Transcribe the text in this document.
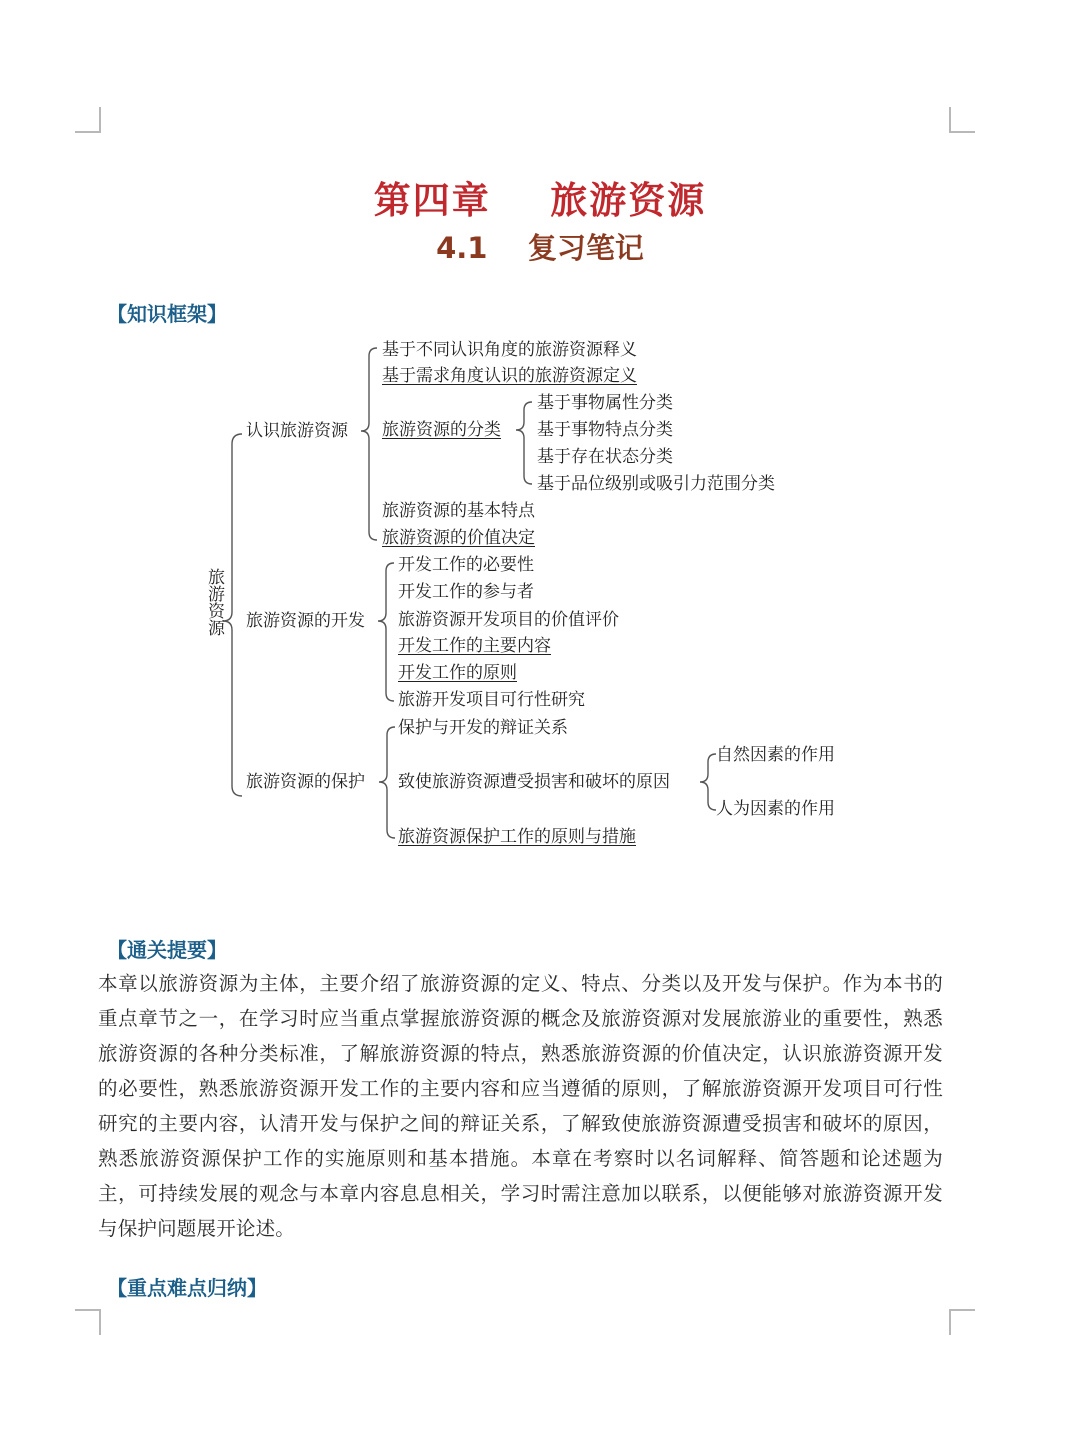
第四章    旅游资源
4.1    复习笔记
【知识框架】
旅游资源
认识旅游资源
旅游资源的开发
旅游资源的保护
基于不同认识角度的旅游资源释义
基于需求角度认识的旅游资源定义
旅游资源的分类
旅游资源的基本特点
旅游资源的价值决定
基于事物属性分类
基于事物特点分类
基于存在状态分类
基于品位级别或吸引力范围分类
开发工作的必要性
开发工作的参与者
旅游资源开发项目的价值评价
开发工作的主要内容
开发工作的原则
旅游开发项目可行性研究
保护与开发的辩证关系
致使旅游资源遭受损害和破坏的原因
旅游资源保护工作的原则与措施
自然因素的作用
人为因素的作用
【通关提要】
本章以旅游资源为主体，主要介绍了旅游资源的定义、特点、分类以及开发与保护。作为本书的重点章节之一，在学习时应当重点掌握旅游资源的概念及旅游资源对发展旅游业的重要性，熟悉旅游资源的各种分类标准，了解旅游资源的特点，熟悉旅游资源的价值决定，认识旅游资源开发的必要性，熟悉旅游资源开发工作的主要内容和应当遵循的原则，了解旅游资源开发项目可行性研究的主要内容，认清开发与保护之间的辩证关系，了解致使旅游资源遭受损害和破坏的原因，熟悉旅游资源保护工作的实施原则和基本措施。本章在考察时以名词解释、简答题和论述题为主，可持续发展的观念与本章内容息息相关，学习时需注意加以联系，以便能够对旅游资源开发与保护问题展开论述。
【重点难点归纳】
